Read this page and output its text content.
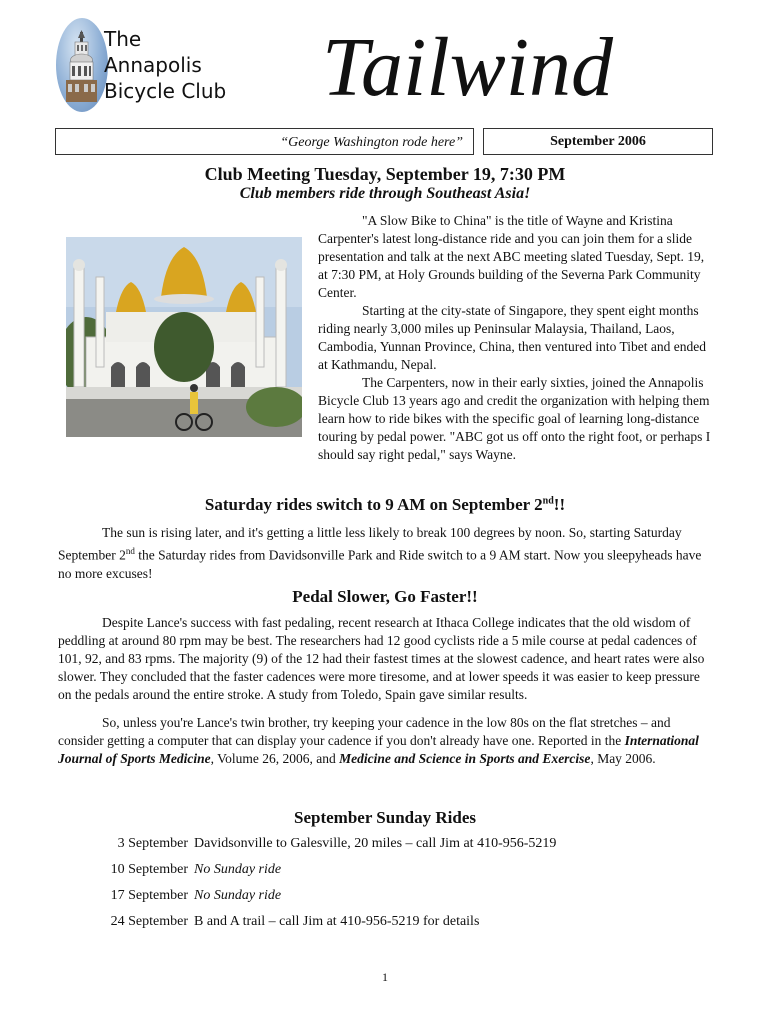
The
Annapolis
Bicycle Club Tailwind
“George Washington rode here”	September 2006
Club Meeting Tuesday, September 19, 7:30 PM
Club members ride through Southeast Asia!

"A Slow Bike to China" is the title of Wayne and Kristina Carpenter's latest long-distance ride and you can join them for a slide presentation and talk at the next ABC meeting slated Tuesday, Sept. 19, at 7:30 PM, at Holy Grounds building of the Severna Park Community Center.

Starting at the city-state of Singapore, they spent eight months riding nearly 3,000 miles up Peninsular Malaysia, Thailand, Laos, Cambodia, Yunnan Province, China, then ventured into Tibet and ended at Kathmandu, Nepal.

The Carpenters, now in their early sixties, joined the Annapolis Bicycle Club 13 years ago and credit the organization with helping them learn how to ride bikes with the specific goal of learning long-distance touring by pedal power. "ABC got us off onto the right foot, or perhaps I should say right pedal," says Wayne.

Saturday rides switch to 9 AM on September 2nd!!

The sun is rising later, and it's getting a little less likely to break 100 degrees by noon. So, starting Saturday September 2nd the Saturday rides from Davidsonville Park and Ride switch to a 9 AM start. Now you sleepyheads have no more excuses!

Pedal Slower, Go Faster!!

Despite Lance's success with fast pedaling, recent research at Ithaca College indicates that the old wisdom of peddling at around 80 rpm may be best. The researchers had 12 good cyclists ride a 5 mile course at pedal cadences of 101, 92, and 83 rpms. The majority (9) of the 12 had their fastest times at the slowest cadence, and heart rates were also slower. They concluded that the faster cadences were more tiresome, and at lower speeds it was easier to keep pressure on the pedals around the entire stroke. A study from Toledo, Spain gave similar results.

So, unless you're Lance's twin brother, try keeping your cadence in the low 80s on the flat stretches – and consider getting a computer that can display your cadence if you don't already have one. Reported in the International Journal of Sports Medicine, Volume 26, 2006, and Medicine and Science in Sports and Exercise, May 2006.

September Sunday Rides
3 September Davidsonville to Galesville, 20 miles – call Jim at 410-956-5219
10 September No Sunday ride
17 September No Sunday ride
24 September B and A trail – call Jim at 410-956-5219 for details
1
